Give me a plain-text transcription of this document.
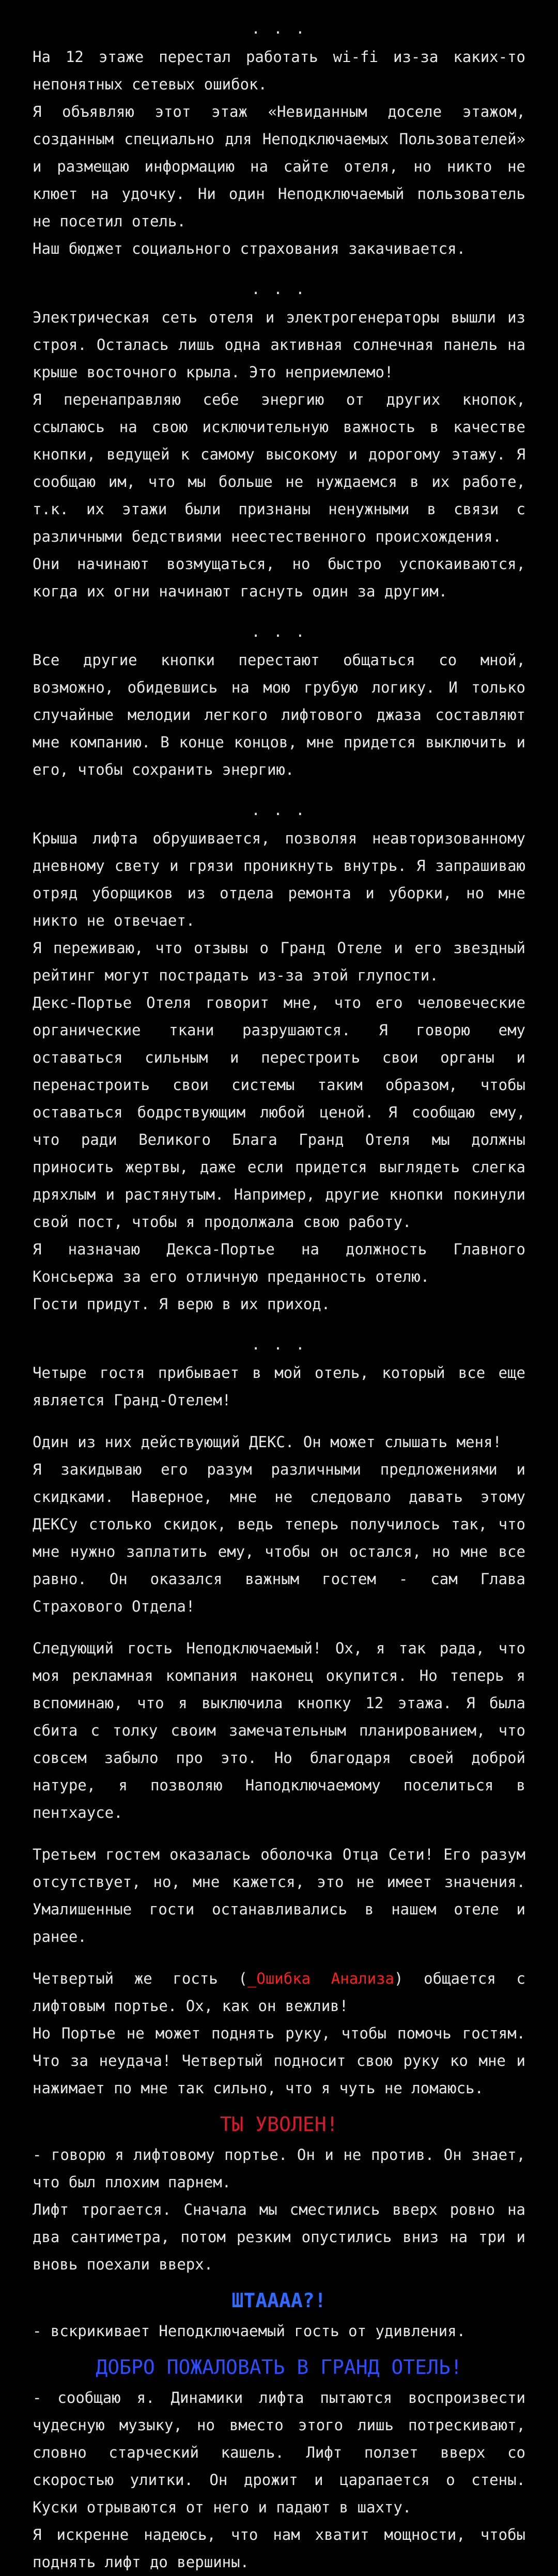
. . .

На 12 этаже перестал работать wi-fi из-за каких-то непонятных сетевых ошибок.

Я объявляю этот этаж «Невиданным доселе этажом, созданным специально для Неподключаемых Пользователей» и размещаю информацию на сайте отеля, но никто не клюет на удочку. Ни один Неподключаемый пользователь не посетил отель.

Наш бюджет социального страхования закачивается.

. . .

Электрическая сеть отеля и электрогенераторы вышли из строя. Осталась лишь одна активная солнечная панель на крыше восточного крыла. Это неприемлемо!

Я перенаправляю себе энергию от других кнопок, ссылаюсь на свою исключительную важность в качестве кнопки, ведущей к самому высокому и дорогому этажу. Я сообщаю им, что мы больше не нуждаемся в их работе, т.к. их этажи были признаны ненужными в связи с различными бедствиями неестественного происхождения.

Они начинают возмущаться, но быстро успокаиваются, когда их огни начинают гаснуть один за другим.

. . .

Все другие кнопки перестают общаться со мной, возможно, обидевшись на мою грубую логику. И только случайные мелодии легкого лифтового джаза составляют мне компанию. В конце концов, мне придется выключить и его, чтобы сохранить энергию.

. . .

Крыша лифта обрушивается, позволяя неавторизованному дневному свету и грязи проникнуть внутрь. Я запрашиваю отряд уборщиков из отдела ремонта и уборки, но мне никто не отвечает.

Я переживаю, что отзывы о Гранд Отеле и его звездный рейтинг могут пострадать из-за этой глупости.

Декс-Портье Отеля говорит мне, что его человеческие органические ткани разрушаются. Я говорю ему оставаться сильным и перестроить свои органы и перенастроить свои системы таким образом, чтобы оставаться бодрствующим любой ценой. Я сообщаю ему, что ради Великого Блага Гранд Отеля мы должны приносить жертвы, даже если придется выглядеть слегка дряхлым и растянутым. Например, другие кнопки покинули свой пост, чтобы я продолжала свою работу.

Я назначаю Декса-Портье на должность Главного Консьержа за его отличную преданность отелю.

Гости придут. Я верю в их приход.

. . .

Четыре гостя прибывает в мой отель, который все еще является Гранд-Отелем!

Один из них действующий ДЕКС. Он может слышать меня!

Я закидываю его разум различными предложениями и скидками. Наверное, мне не следовало давать этому ДЕКСу столько скидок, ведь теперь получилось так, что мне нужно заплатить ему, чтобы он остался, но мне все равно. Он оказался важным гостем - сам Глава Страхового Отдела!

Следующий гость Неподключаемый! Ох, я так рада, что моя рекламная компания наконец окупится. Но теперь я вспоминаю, что я выключила кнопку 12 этажа. Я была сбита с толку своим замечательным планированием, что совсем забыло про это. Но благодаря своей доброй натуре, я позволяю Наподключаемому поселиться в пентхаусе.

Третьем гостем оказалась оболочка Отца Сети! Его разум отсутствует, но, мне кажется, это не имеет значения. Умалишенные гости останавливались в нашем отеле и ранее.

Четвертый же гость (_Ошибка Анализа) общается с лифтовым портье. Ох, как он вежлив!

Но Портье не может поднять руку, чтобы помочь гостям. Что за неудача! Четвертый подносит свою руку ко мне и нажимает по мне так сильно, что я чуть не ломаюсь.

ТЫ УВОЛЕН!

- говорю я лифтовому портье. Он и не против. Он знает, что был плохим парнем.

Лифт трогается. Сначала мы сместились вверх ровно на два сантиметра, потом резким опустились вниз на три и вновь поехали вверх.

ШТАААА?!

- вскрикивает Неподключаемый гость от удивления.

ДОБРО ПОЖАЛОВАТЬ В ГРАНД ОТЕЛЬ!

- сообщаю я. Динамики лифта пытаются воспроизвести чудесную музыку, но вместо этого лишь потрескивают, словно старческий кашель. Лифт ползет вверх со скоростью улитки. Он дрожит и царапается о стены. Куски отрываются от него и падают в шахту.

Я искренне надеюсь, что нам хватит мощности, чтобы поднять лифт до вершины.
